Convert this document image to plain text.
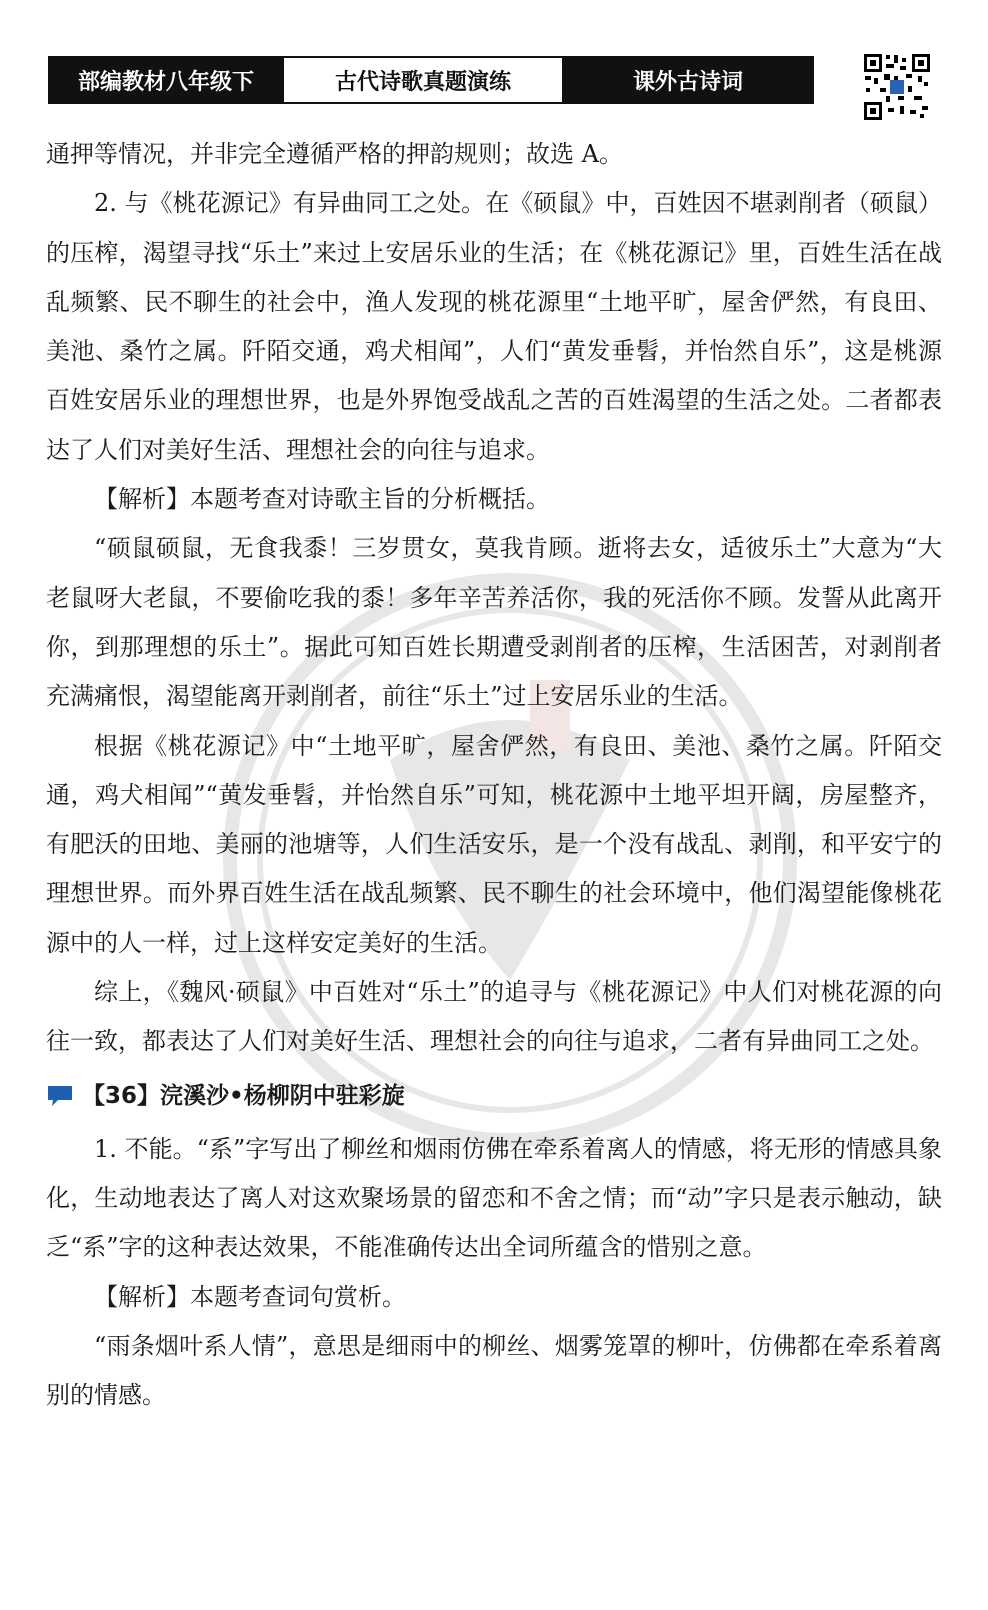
部编教材八年级下	古代诗歌真题演练	课外古诗词

通押等情况，并非完全遵循严格的押韵规则；故选 A。

2. 与《桃花源记》有异曲同工之处。在《硕鼠》中，百姓因不堪剥削者（硕鼠）的压榨，渴望寻找“乐土”来过上安居乐业的生活；在《桃花源记》里，百姓生活在战乱频繁、民不聊生的社会中，渔人发现的桃花源里“土地平旷，屋舍俨然，有良田、美池、桑竹之属。阡陌交通，鸡犬相闻”，人们“黄发垂髫，并怡然自乐”，这是桃源百姓安居乐业的理想世界，也是外界饱受战乱之苦的百姓渴望的生活之处。二者都表达了人们对美好生活、理想社会的向往与追求。

【解析】本题考查对诗歌主旨的分析概括。

“硕鼠硕鼠，无食我黍！三岁贯女，莫我肯顾。逝将去女，适彼乐土”大意为“大老鼠呀大老鼠，不要偷吃我的黍！多年辛苦养活你，我的死活你不顾。发誓从此离开你，到那理想的乐土”。据此可知百姓长期遭受剥削者的压榨，生活困苦，对剥削者充满痛恨，渴望能离开剥削者，前往“乐土”过上安居乐业的生活。

根据《桃花源记》中“土地平旷，屋舍俨然，有良田、美池、桑竹之属。阡陌交通，鸡犬相闻”“黄发垂髫，并怡然自乐”可知，桃花源中土地平坦开阔，房屋整齐，有肥沃的田地、美丽的池塘等，人们生活安乐，是一个没有战乱、剥削，和平安宁的理想世界。而外界百姓生活在战乱频繁、民不聊生的社会环境中，他们渴望能像桃花源中的人一样，过上这样安定美好的生活。

综上，《魏风·硕鼠》中百姓对“乐土”的追寻与《桃花源记》中人们对桃花源的向往一致，都表达了人们对美好生活、理想社会的向往与追求，二者有异曲同工之处。

【36】浣溪沙•杨柳阴中驻彩旋

1. 不能。“系”字写出了柳丝和烟雨仿佛在牵系着离人的情感，将无形的情感具象化，生动地表达了离人对这欢聚场景的留恋和不舍之情；而“动”字只是表示触动，缺乏“系”字的这种表达效果，不能准确传达出全词所蕴含的惜别之意。

【解析】本题考查词句赏析。

“雨条烟叶系人情”，意思是细雨中的柳丝、烟雾笼罩的柳叶，仿佛都在牵系着离别的情感。
